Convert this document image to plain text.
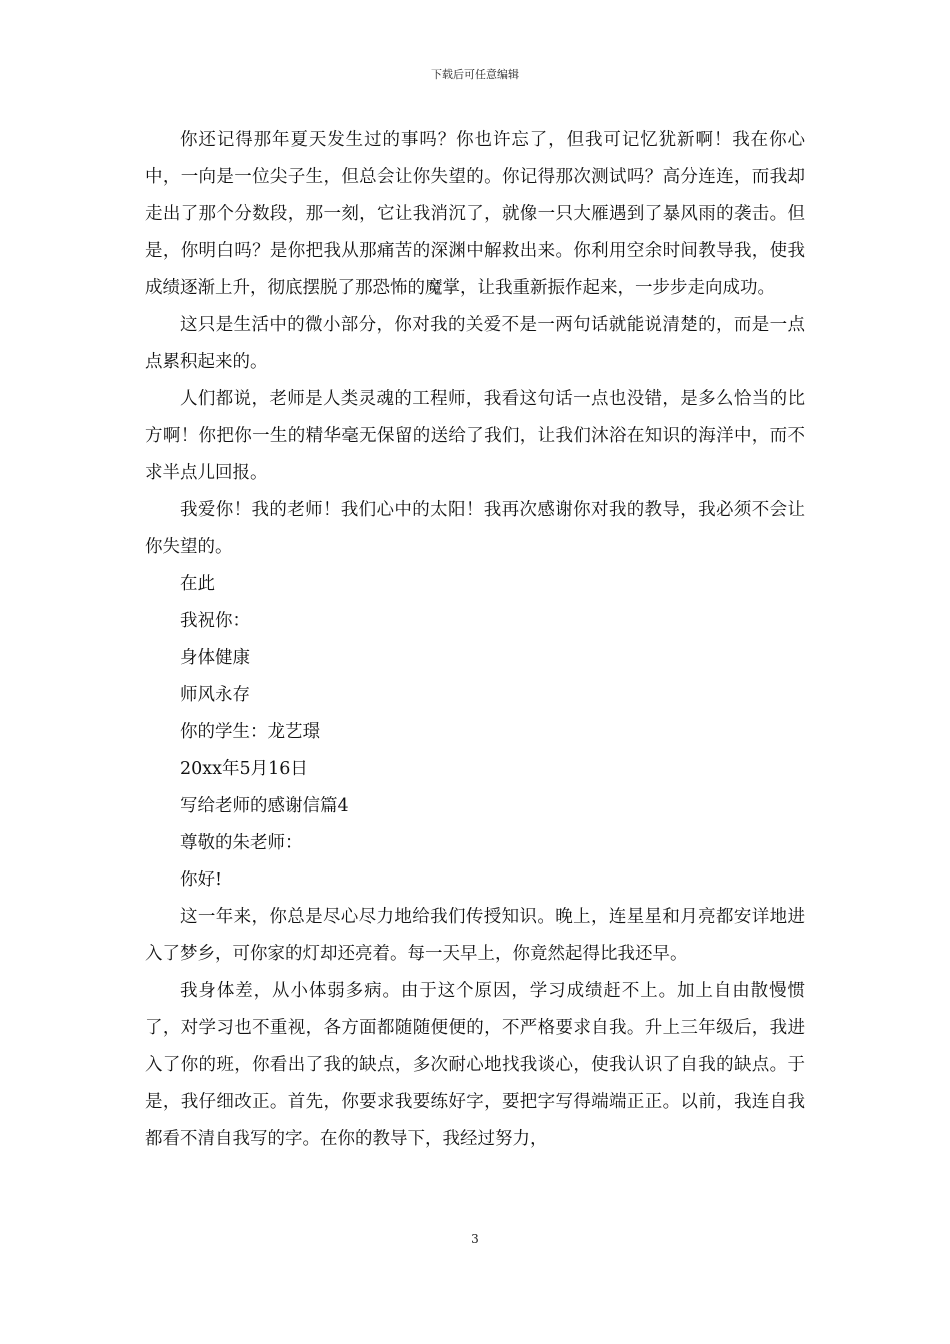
下载后可任意编辑

你还记得那年夏天发生过的事吗？你也许忘了，但我可记忆犹新啊！我在你心中，一向是一位尖子生，但总会让你失望的。你记得那次测试吗？高分连连，而我却走出了那个分数段，那一刻，它让我消沉了，就像一只大雁遇到了暴风雨的袭击。但是，你明白吗？是你把我从那痛苦的深渊中解救出来。你利用空余时间教导我，使我成绩逐渐上升，彻底摆脱了那恐怖的魔掌，让我重新振作起来，一步步走向成功。

这只是生活中的微小部分，你对我的关爱不是一两句话就能说清楚的，而是一点点累积起来的。

人们都说，老师是人类灵魂的工程师，我看这句话一点也没错，是多么恰当的比方啊！你把你一生的精华毫无保留的送给了我们，让我们沐浴在知识的海洋中，而不求半点儿回报。

我爱你！我的老师！我们心中的太阳！我再次感谢你对我的教导，我必须不会让你失望的。

在此

我祝你：

身体健康

师风永存

你的学生：龙艺璟

20xx年5月16日

写给老师的感谢信篇4

尊敬的朱老师：

你好!

这一年来，你总是尽心尽力地给我们传授知识。晚上，连星星和月亮都安详地进入了梦乡，可你家的灯却还亮着。每一天早上，你竟然起得比我还早。

我身体差，从小体弱多病。由于这个原因，学习成绩赶不上。加上自由散慢惯了，对学习也不重视，各方面都随随便便的，不严格要求自我。升上三年级后，我进入了你的班，你看出了我的缺点，多次耐心地找我谈心，使我认识了自我的缺点。于是，我仔细改正。首先，你要求我要练好字，要把字写得端端正正。以前，我连自我都看不清自我写的字。在你的教导下，我经过努力，

3
